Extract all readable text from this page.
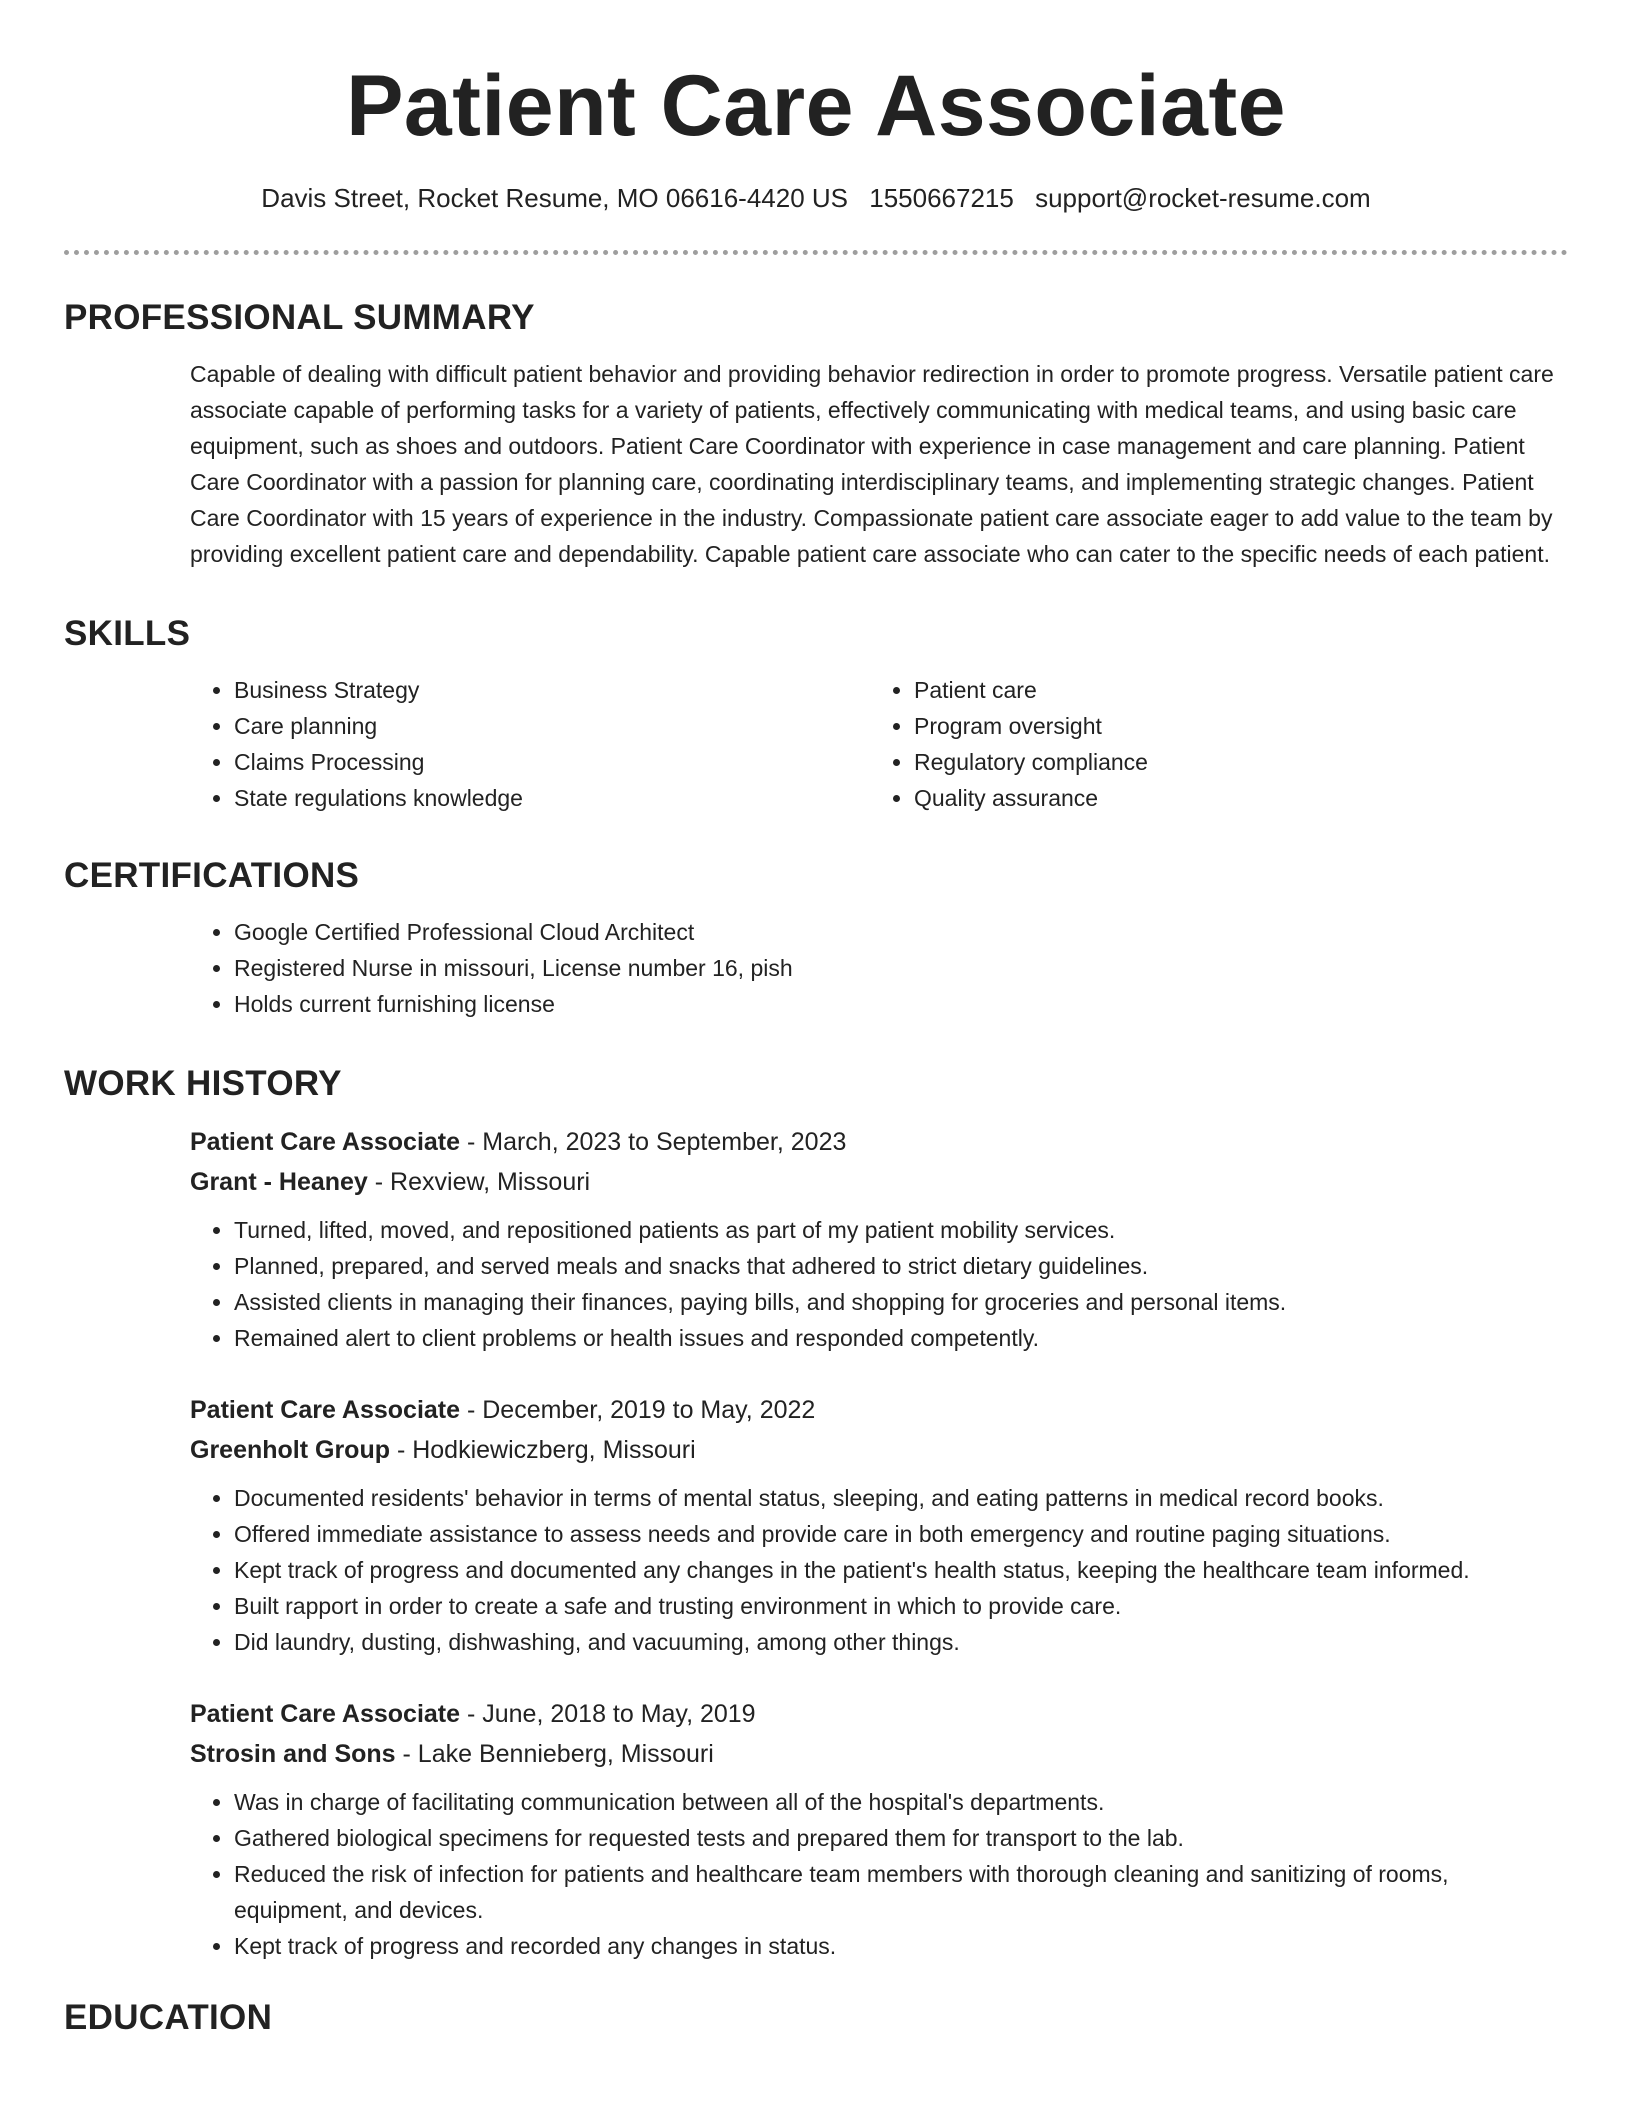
Patient Care Associate
Davis Street, Rocket Resume, MO 06616-4420 US 1550667215 support@rocket-resume.com
PROFESSIONAL SUMMARY

Capable of dealing with difficult patient behavior and providing behavior redirection in order to promote progress. Versatile patient care associate capable of performing tasks for a variety of patients, effectively communicating with medical teams, and using basic care equipment, such as shoes and outdoors. Patient Care Coordinator with experience in case management and care planning. Patient Care Coordinator with a passion for planning care, coordinating interdisciplinary teams, and implementing strategic changes. Patient Care Coordinator with 15 years of experience in the industry. Compassionate patient care associate eager to add value to the team by providing excellent patient care and dependability. Capable patient care associate who can cater to the specific needs of each patient.

SKILLS
• Business Strategy
• Care planning
• Claims Processing
• State regulations knowledge
• Patient care
• Program oversight
• Regulatory compliance
• Quality assurance
CERTIFICATIONS
• Google Certified Professional Cloud Architect
• Registered Nurse in missouri, License number 16, pish
• Holds current furnishing license
WORK HISTORY
Patient Care Associate - March, 2023 to September, 2023
Grant - Heaney - Rexview, Missouri
• Turned, lifted, moved, and repositioned patients as part of my patient mobility services.
• Planned, prepared, and served meals and snacks that adhered to strict dietary guidelines.
• Assisted clients in managing their finances, paying bills, and shopping for groceries and personal items.
• Remained alert to client problems or health issues and responded competently.
Patient Care Associate - December, 2019 to May, 2022
Greenholt Group - Hodkiewiczberg, Missouri
• Documented residents' behavior in terms of mental status, sleeping, and eating patterns in medical record books.
• Offered immediate assistance to assess needs and provide care in both emergency and routine paging situations.
• Kept track of progress and documented any changes in the patient's health status, keeping the healthcare team informed.
• Built rapport in order to create a safe and trusting environment in which to provide care.
• Did laundry, dusting, dishwashing, and vacuuming, among other things.
Patient Care Associate - June, 2018 to May, 2019
Strosin and Sons - Lake Bennieberg, Missouri
• Was in charge of facilitating communication between all of the hospital's departments.
• Gathered biological specimens for requested tests and prepared them for transport to the lab.
• Reduced the risk of infection for patients and healthcare team members with thorough cleaning and sanitizing of rooms, equipment, and devices.
• Kept track of progress and recorded any changes in status.
EDUCATION
